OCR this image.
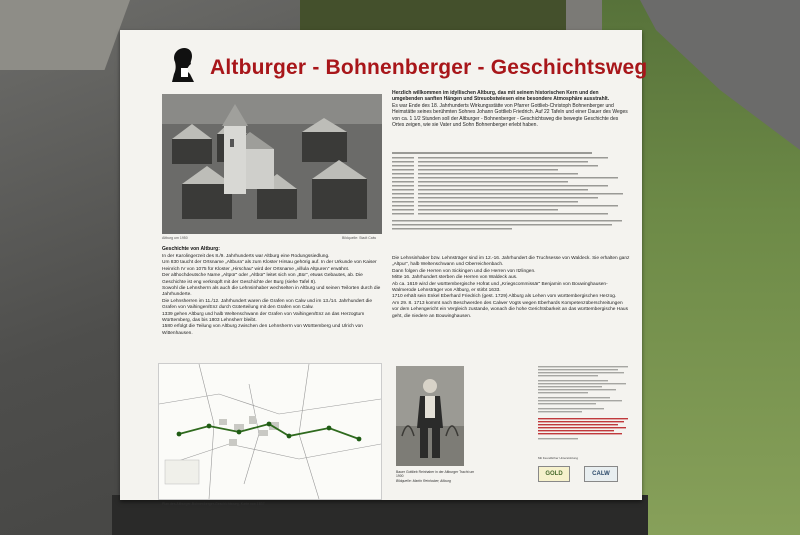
Altburger - Bohnenberger - Geschichtsweg
Altburg um 1950	Bildquelle: Stadt Calw
Herzlich willkommen im idyllischen Altburg, das mit seinem historischen Kern und den umgebenden sanften Hängen und Streuobstwiesen eine besondere Atmosphäre ausstrahlt.
Es war Ende des 18. Jahrhunderts Wirkungsstätte von Pfarrer Gottlieb-Christoph Bohnenberger und Heimstätte seines berühmten Sohnes Johann Gottlieb Friedrich. Auf 22 Tafeln und einer Dauer des Weges von ca. 1 1/2 Stunden soll der Altburger - Bohnenberger - Geschichtsweg die bewegte Geschichte des Ortes zeigen, wie sie Vater und Sohn Bohnenberger erlebt haben.
Geschichte von Altburg:
In der Karolingerzeit des 8./9. Jahrhunderts war Altburg eine Rodungssiedlung.
Um 830 taucht der Ortsname „Altbura“ als zum Kloster Hirsau gehörig auf. In der Urkunde von Kaiser Heinrich IV von 1075 für Kloster „Hirschau“ wird der Ortsname „villula Altpuren“ erwähnt.
Der althochdeutsche Name „Altpür“ oder „Altbür“ leitet sich von „Bür“, etwas Gebautes, ab. Die Geschichte ist eng verknüpft mit der Geschichte der Burg (siehe Tafel 8).
Sowohl die Lehnsherrn als auch die Lehnsinhaber wechselten in Altburg und seinen Teilorten durch die Jahrhunderte.
Die Lehnsherren im 11./12. Jahrhundert waren die Grafen von Calw und im 13./14. Jahrhundert die Grafen von Vaihingen/Enz durch Güterteilung mit den Grafen von Calw.
1339 gehen Altburg und halb Weltenschwann der Grafen von Vaihingen/Enz an das Herzogtum Württemberg, das bis 1803 Lehnsherr bleibt.
1580 erfolgt die Teilung von Altburg zwischen den Lehnsherrn von Württemberg und Ulrich von Wittenhausen.
Die Lehnsinhaber bzw. Lehnsträger sind im 12.-16. Jahrhundert die Truchsesse von Waldeck. Sie erhalten ganz „Altpur“, halb Weltenschwann und Oberreichenbach.
Dann folgen die Herren von Sickingen und die Herren von Itzlingen.
Mitte 16. Jahrhundert sterben die Herren von Waldeck aus.
Ab ca. 1619 wird der württembergische Hofrat und „Kriegscommissär“ Benjamin von Bouwinghausen-Walmerode Lehnsträger von Altburg, er stirbt 1633.
1710 erhält sein Enkel Eberhard Friedrich (gest. 1729) Altburg als Lehen vom württembergischen Herzog.
Am 29. 8. 1713 kommt nach Beschwerden des Calwer Vogts wegen Eberhards Kompetenzüberschreitungen vor dem Lehengericht ein Vergleich zustande, wonach die hohe Gerichtsbarkeit an das württembergische Haus geht, die niedere an Bouwinghausen.
Plan des Altburger-Bohnenberger-Geschichtsweg, Karte von 1837
Bauer Gottlieb Reinhaber in der Altburger Tracht um 1900
Bildquelle: Martin Reinhaber, Altburg
Mit freundlicher Unterstützung
GOLD	CALW
